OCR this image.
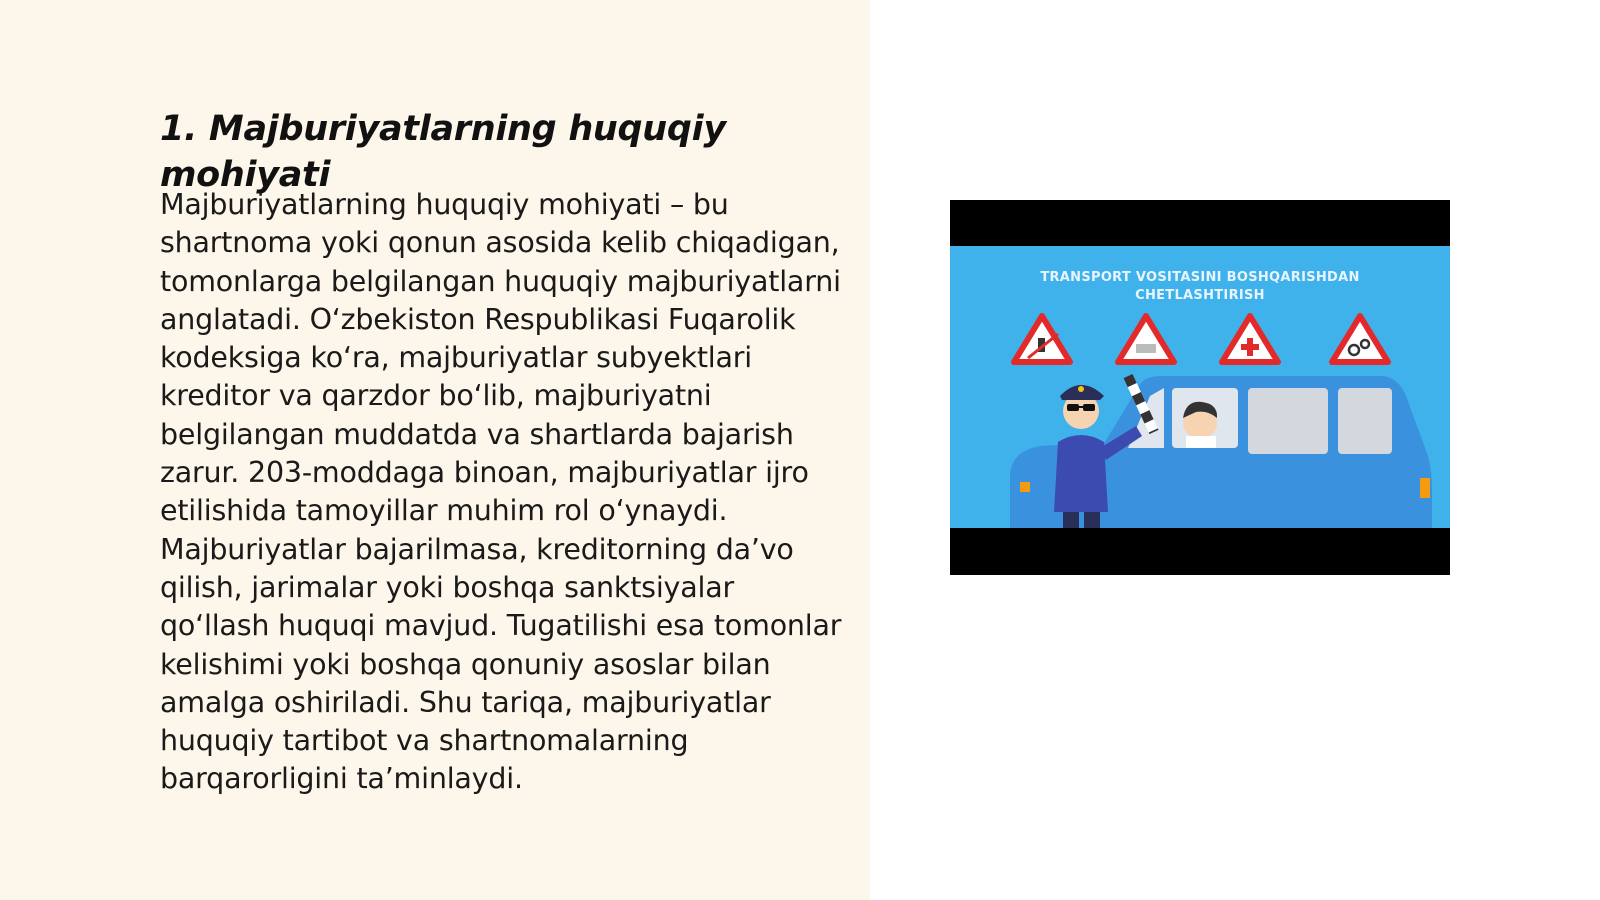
1. Majburiyatlarning huquqiy mohiyati

Majburiyatlarning huquqiy mohiyati – bu shartnoma yoki qonun asosida kelib chiqadigan, tomonlarga belgilangan huquqiy majburiyatlarni anglatadi. O‘zbekiston Respublikasi Fuqarolik kodeksiga ko‘ra, majburiyatlar subyektlari kreditor va qarzdor bo‘lib, majburiyatni belgilangan muddatda va shartlarda bajarish zarur. 203-moddaga binoan, majburiyatlar ijro etilishida tamoyillar muhim rol o‘ynaydi. Majburiyatlar bajarilmasa, kreditorning da’vo qilish, jarimalar yoki boshqa sanktsiyalar qo‘llash huquqi mavjud. Tugatilishi esa tomonlar kelishimi yoki boshqa qonuniy asoslar bilan amalga oshiriladi. Shu tariqa, majburiyatlar huquqiy tartibot va shartnomalarning barqarorligini ta’minlaydi.

TRANSPORT VOSITASINI BOSHQARISHDAN
CHETLASHTIRISH
